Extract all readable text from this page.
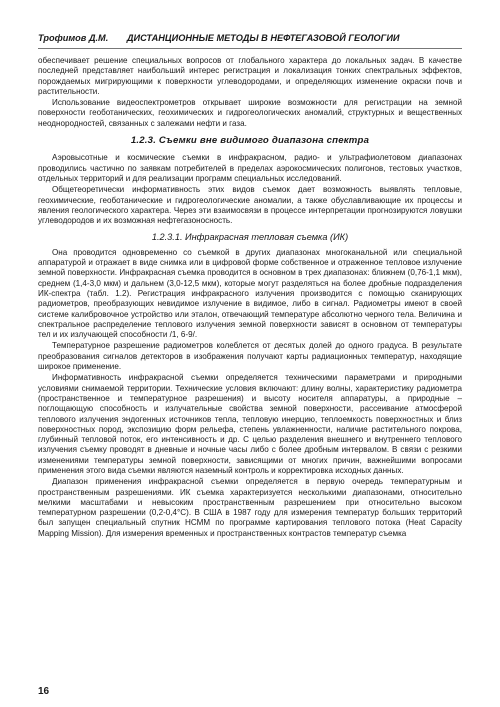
Трофимов Д.М. ДИСТАНЦИОННЫЕ МЕТОДЫ В НЕФТЕГАЗОВОЙ ГЕОЛОГИИ

обеспечивает решение специальных вопросов от глобального характера до локальных задач. В качестве последней представляет наибольший интерес регистрация и локализация тонких спектральных эффектов, порождаемых мигрирующими к поверхности углеводородами, и определяющих изменение окраски почв и растительности.

Использование видеоспектрометров открывает широкие возможности для регистрации на земной поверхности геоботанических, геохимических и гидрогеологических аномалий, структурных и вещественных неоднородностей, связанных с залежами нефти и газа.

1.2.3. Съемки вне видимого диапазона спектра

Аэровысотные и космические съемки в инфракрасном, радио- и ультрафиолетовом диапазонах проводились частично по заявкам потребителей в пределах аэрокосмических полигонов, тестовых участков, отдельных территорий и для реализации программ специальных исследований.

Общетеоретически информативность этих видов съемок дает возможность выявлять тепловые, геохимические, геоботанические и гидрогеологические аномалии, а также обуславливающие их процессы и явления геологического характера. Через эти взаимосвязи в процессе интерпретации прогнозируются ловушки углеводородов и их возможная нефтегазоносность.

1.2.3.1. Инфракрасная тепловая съемка (ИК)

Она проводится одновременно со съемкой в других диапазонах многоканальной или специальной аппаратурой и отражает в виде снимка или в цифровой форме собственное и отраженное тепловое излучение земной поверхности. Инфракрасная съемка проводится в основном в трех диапазонах: ближнем (0,76-1,1 мкм), среднем (1,4-3,0 мкм) и дальнем (3,0-12,5 мкм), которые могут разделяться на более дробные подразделения ИК-спектра (табл. 1.2). Регистрация инфракрасного излучения производится с помощью сканирующих радиометров, преобразующих невидимое излучение в видимое, либо в сигнал. Радиометры имеют в своей системе калибровочное устройство или эталон, отвечающий температуре абсолютно черного тела. Величина и спектральное распределение теплового излучения земной поверхности зависят в основном от температуры тел и их излучающей способности /1, 6-9/.

Температурное разрешение радиометров колеблется от десятых долей до одного градуса. В результате преобразования сигналов детекторов в изображения получают карты радиационных температур, находящие широкое применение.

Информативность инфракрасной съемки определяется техническими параметрами и природными условиями снимаемой территории. Технические условия включают: длину волны, характеристику радиометра (пространственное и температурное разрешения) и высоту носителя аппаратуры, а природные – поглощающую способность и излучательные свойства земной поверхности, рассеивание атмосферой теплового излучения эндогенных источников тепла, тепловую инерцию, теплоемкость поверхностных и близ поверхностных пород, экспозицию форм рельефа, степень увлажненности, наличие растительного покрова, глубинный тепловой поток, его интенсивность и др. С целью разделения внешнего и внутреннего теплового излучения съемку проводят в дневные и ночные часы либо с более дробным интервалом. В связи с резкими изменениями температуры земной поверхности, зависящими от многих причин, важнейшими вопросами применения этого вида съемки являются наземный контроль и корректировка исходных данных.

Диапазон применения инфракрасной съемки определяется в первую очередь температурным и пространственным разрешениями. ИК съемка характеризуется несколькими диапазонами, относительно мелкими масштабами и невысоким пространственным разрешением при относительно высоком температурном разрешении (0,2-0,4°С). В США в 1987 году для измерения температур больших территорий был запущен специальный спутник HCMM по программе картирования теплового потока (Heat Capacity Mapping Mission). Для измерения временных и пространственных контрастов температур съемка

16
